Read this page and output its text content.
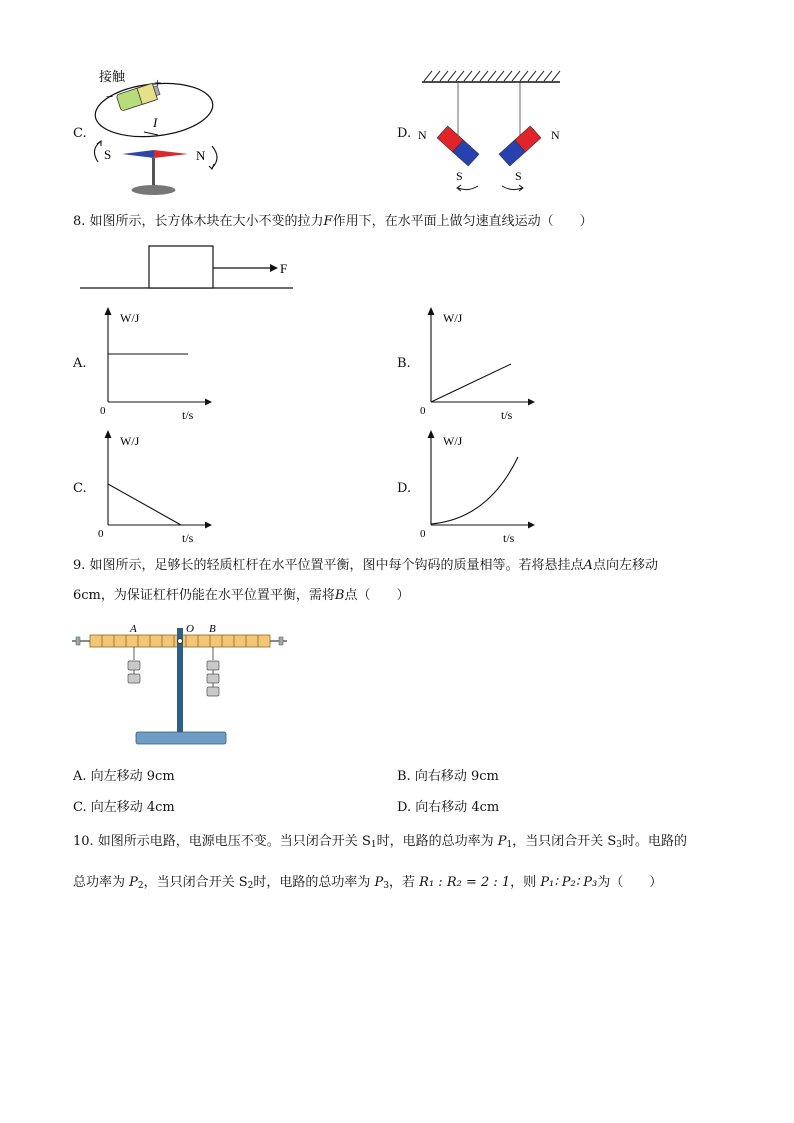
C.
接触
−
+
I
S	N
D. N	N
S	S
8. 如图所示，长方体木块在大小不变的拉力F作用下，在水平面上做匀速直线运动（　　）
F
A.
W/J
t/s
0
B.
W/J
t/s
0
C.
W/J
t/s
0
D.
W/J
t/s
0
9. 如图所示，足够长的轻质杠杆在水平位置平衡，图中每个钩码的质量相等。若将悬挂点A点向左移动
6cm，为保证杠杆仍能在水平位置平衡，需将B点（　　）
A	O B
A. 向左移动 9cm	B. 向右移动 9cm
C. 向左移动 4cm	D. 向右移动 4cm
10. 如图所示电路，电源电压不变。当只闭合开关 $S_1$时，电路的总功率为 $P_1$，当只闭合开关 $S_3$时。电路的
总功率为 $P_2$，当只闭合开关 $S_2$时，电路的总功率为 $P_3$，若 R₁ : R₂ = 2 : 1，则 P₁∶ P₂∶ P₃为（　　）
